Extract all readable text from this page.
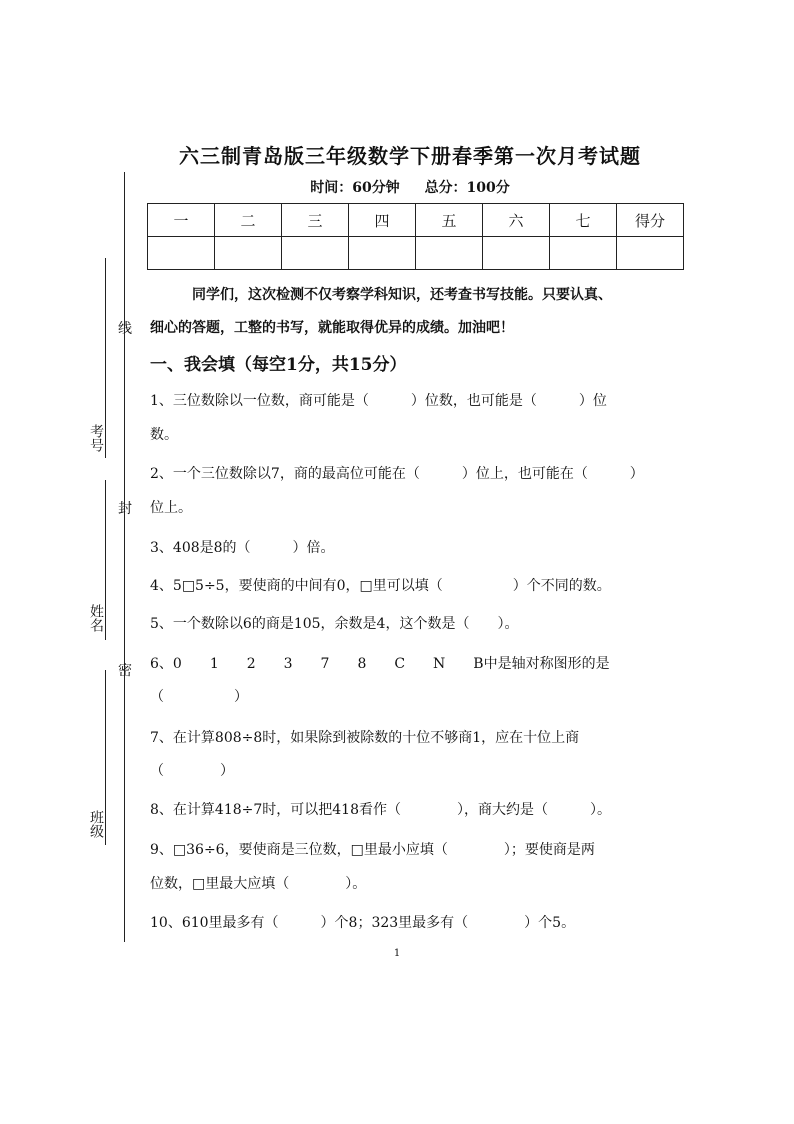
线
封
密
考号
姓名
班级
六三制青岛版三年级数学下册春季第一次月考试题
时间：60分钟 总分：100分
一	二	三	四	五	六	七	得分

同学们，这次检测不仅考察学科知识，还考查书写技能。只要认真、
细心的答题，工整的书写，就能取得优异的成绩。加油吧！
一、我会填（每空1分，共15分）
1、三位数除以一位数，商可能是（　　　）位数，也可能是（　　　）位
数。
2、一个三位数除以7，商的最高位可能在（　　　）位上，也可能在（　　　）
位上。
3、408是8的（　　　）倍。
4、5□5÷5，要使商的中间有0，□里可以填（　　　　　）个不同的数。
5、一个数除以6的商是105，余数是4，这个数是（　　）。
6、0　　1　　2　　3　　7　　8　　C　　N　　B中是轴对称图形的是
（　　　　　）
7、在计算808÷8时，如果除到被除数的十位不够商1，应在十位上商
（　　　　）
8、在计算418÷7时，可以把418看作（　　　　），商大约是（　　　）。
9、□36÷6，要使商是三位数，□里最小应填（　　　　）；要使商是两
位数，□里最大应填（　　　　）。
10、610里最多有（　　　）个8；323里最多有（　　　　）个5。
1
